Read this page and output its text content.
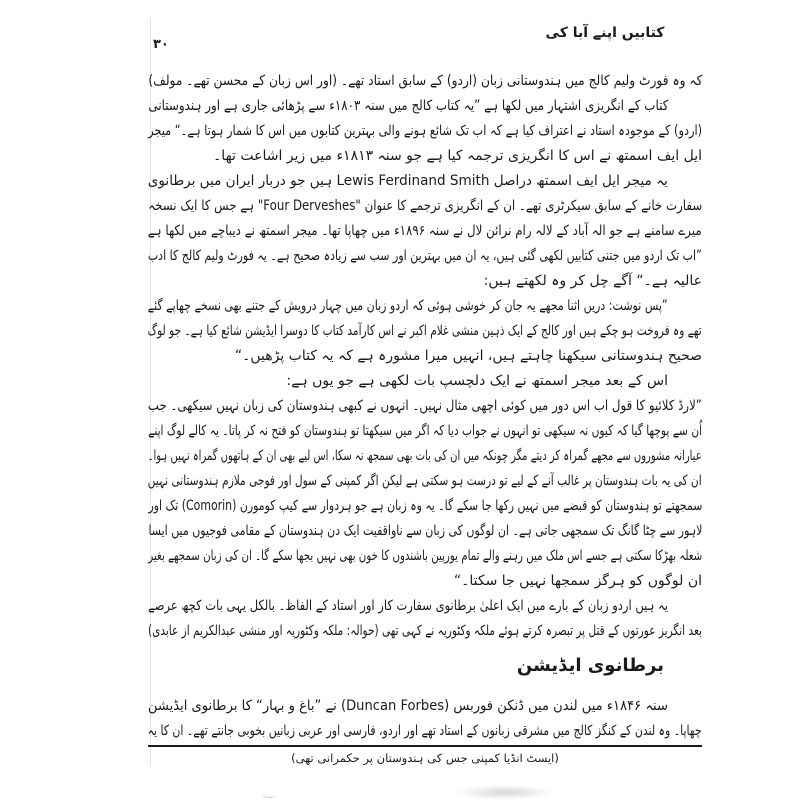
کتابیں اپنے آبا کی
۳۰
کہ وہ فورٹ ولیم کالج میں ہندوستانی زبان (اردو) کے سابق استاد تھے۔ (اور اس زبان کے محسن تھے۔ مولف)
کتاب کے انگریزی اشتہار میں لکھا ہے ”یہ کتاب کالج میں سنہ ۱۸۰۳ء سے پڑھائی جاری ہے اور ہندوستانی
(اردو) کے موجودہ استاد نے اعتراف کیا ہے کہ اب تک شائع ہونے والی بہترین کتابوں میں اس کا شمار ہوتا ہے۔“ میجر
ایل ایف اسمتھ نے اس کا انگریزی ترجمہ کیا ہے جو سنہ ۱۸۱۳ء میں زیر اشاعت تھا۔
یہ میجر ایل ایف اسمتھ دراصل ⁨Lewis Ferdinand Smith⁩ ہیں جو دربار ایران میں برطانوی
سفارت خانے کے سابق سیکرٹری تھے۔ ان کے انگریزی ترجمے کا عنوان ⁨"Four Derveshes"⁩ ہے جس کا ایک نسخہ
میرے سامنے ہے جو الہ آباد کے لالہ رام نرائن لال نے سنہ ۱۸۹۶ء میں چھاپا تھا۔ میجر اسمتھ نے دیباچے میں لکھا ہے
”اب تک اردو میں جتنی کتابیں لکھی گئی ہیں، یہ ان میں بہترین اور سب سے زیادہ صحیح ہے۔ یہ فورٹ ولیم کالج کا ادب
عالیہ ہے۔“ آگے چل کر وہ لکھتے ہیں:
”پس نوشت: دریں اثنا مجھے یہ جان کر خوشی ہوئی کہ اردو زبان میں چہار درویش کے جتنے بھی نسخے چھاپے گئے
تھے وہ فروخت ہو چکے ہیں اور کالج کے ایک ذہین منشی غلام اکبر نے اس کارآمد کتاب کا دوسرا ایڈیشن شائع کیا ہے۔ جو لوگ
صحیح ہندوستانی سیکھنا چاہتے ہیں، انہیں میرا مشورہ ہے کہ یہ کتاب پڑھیں۔“
اس کے بعد میجر اسمتھ نے ایک دلچسپ بات لکھی ہے جو یوں ہے:
”لارڈ کلائیو کا قول اب اس دور میں کوئی اچھی مثال نہیں۔ انہوں نے کبھی ہندوستان کی زبان نہیں سیکھی۔ جب
اُن سے پوچھا گیا کہ کیوں نہ سیکھی تو انہوں نے جواب دیا کہ اگر میں سیکھتا تو ہندوستان کو فتح نہ کر پاتا۔ یہ کالے لوگ اپنے
عیارانہ مشوروں سے مجھے گمراہ کر دیتے مگر چونکہ میں ان کی بات بھی سمجھ نہ سکا، اس لیے بھی ان کے ہاتھوں گمراہ نہیں ہوا۔
ان کی یہ بات ہندوستان پر غالب آنے کے لیے تو درست ہو سکتی ہے لیکن اگر کمپنی کے سول اور فوجی ملازم ہندوستانی نہیں
سمجھتے تو ہندوستان کو قبضے میں نہیں رکھا جا سکے گا۔ یہ وہ زبان ہے جو ہردوار سے کیپ کومورن ⁨(Comorin)⁩ تک اور
لاہور سے چٹا گانگ تک سمجھی جاتی ہے۔ ان لوگوں کی زبان سے ناواقفیت ایک دن ہندوستان کے مقامی فوجیوں میں ایسا
شعلہ بھڑکا سکتی ہے جسے اس ملک میں رہنے والے تمام یورپین باشندوں کا خون بھی نہیں بجھا سکے گا۔ ان کی زبان سمجھے بغیر
ان لوگوں کو ہرگز سمجھا نہیں جا سکتا۔“
یہ ہیں اردو زبان کے بارے میں ایک اعلیٰ برطانوی سفارت کار اور استاد کے الفاظ۔ بالکل یہی بات کچھ عرصے
بعد انگریز عورتوں کے قتل پر تبصرہ کرتے ہوئے ملکہ وکٹوریہ نے کہی تھی (حوالہ: ملکہ وکٹوریہ اور منشی عبدالکریم از عابدی)
برطانوی ایڈیشن
سنہ ۱۸۴۶ء میں لندن میں ڈنکن فوربس ⁨(Duncan Forbes)⁩ نے ”باغ و بہار“ کا برطانوی ایڈیشن
چھاپا۔ وہ لندن کے کنگز کالج میں مشرقی زبانوں کے استاد تھے اور اردو، فارسی اور عربی زبانیں بخوبی جانتے تھے۔ ان کا یہ
(ایسٹ انڈیا کمپنی جس کی ہندوستان پر حکمرانی تھی)
